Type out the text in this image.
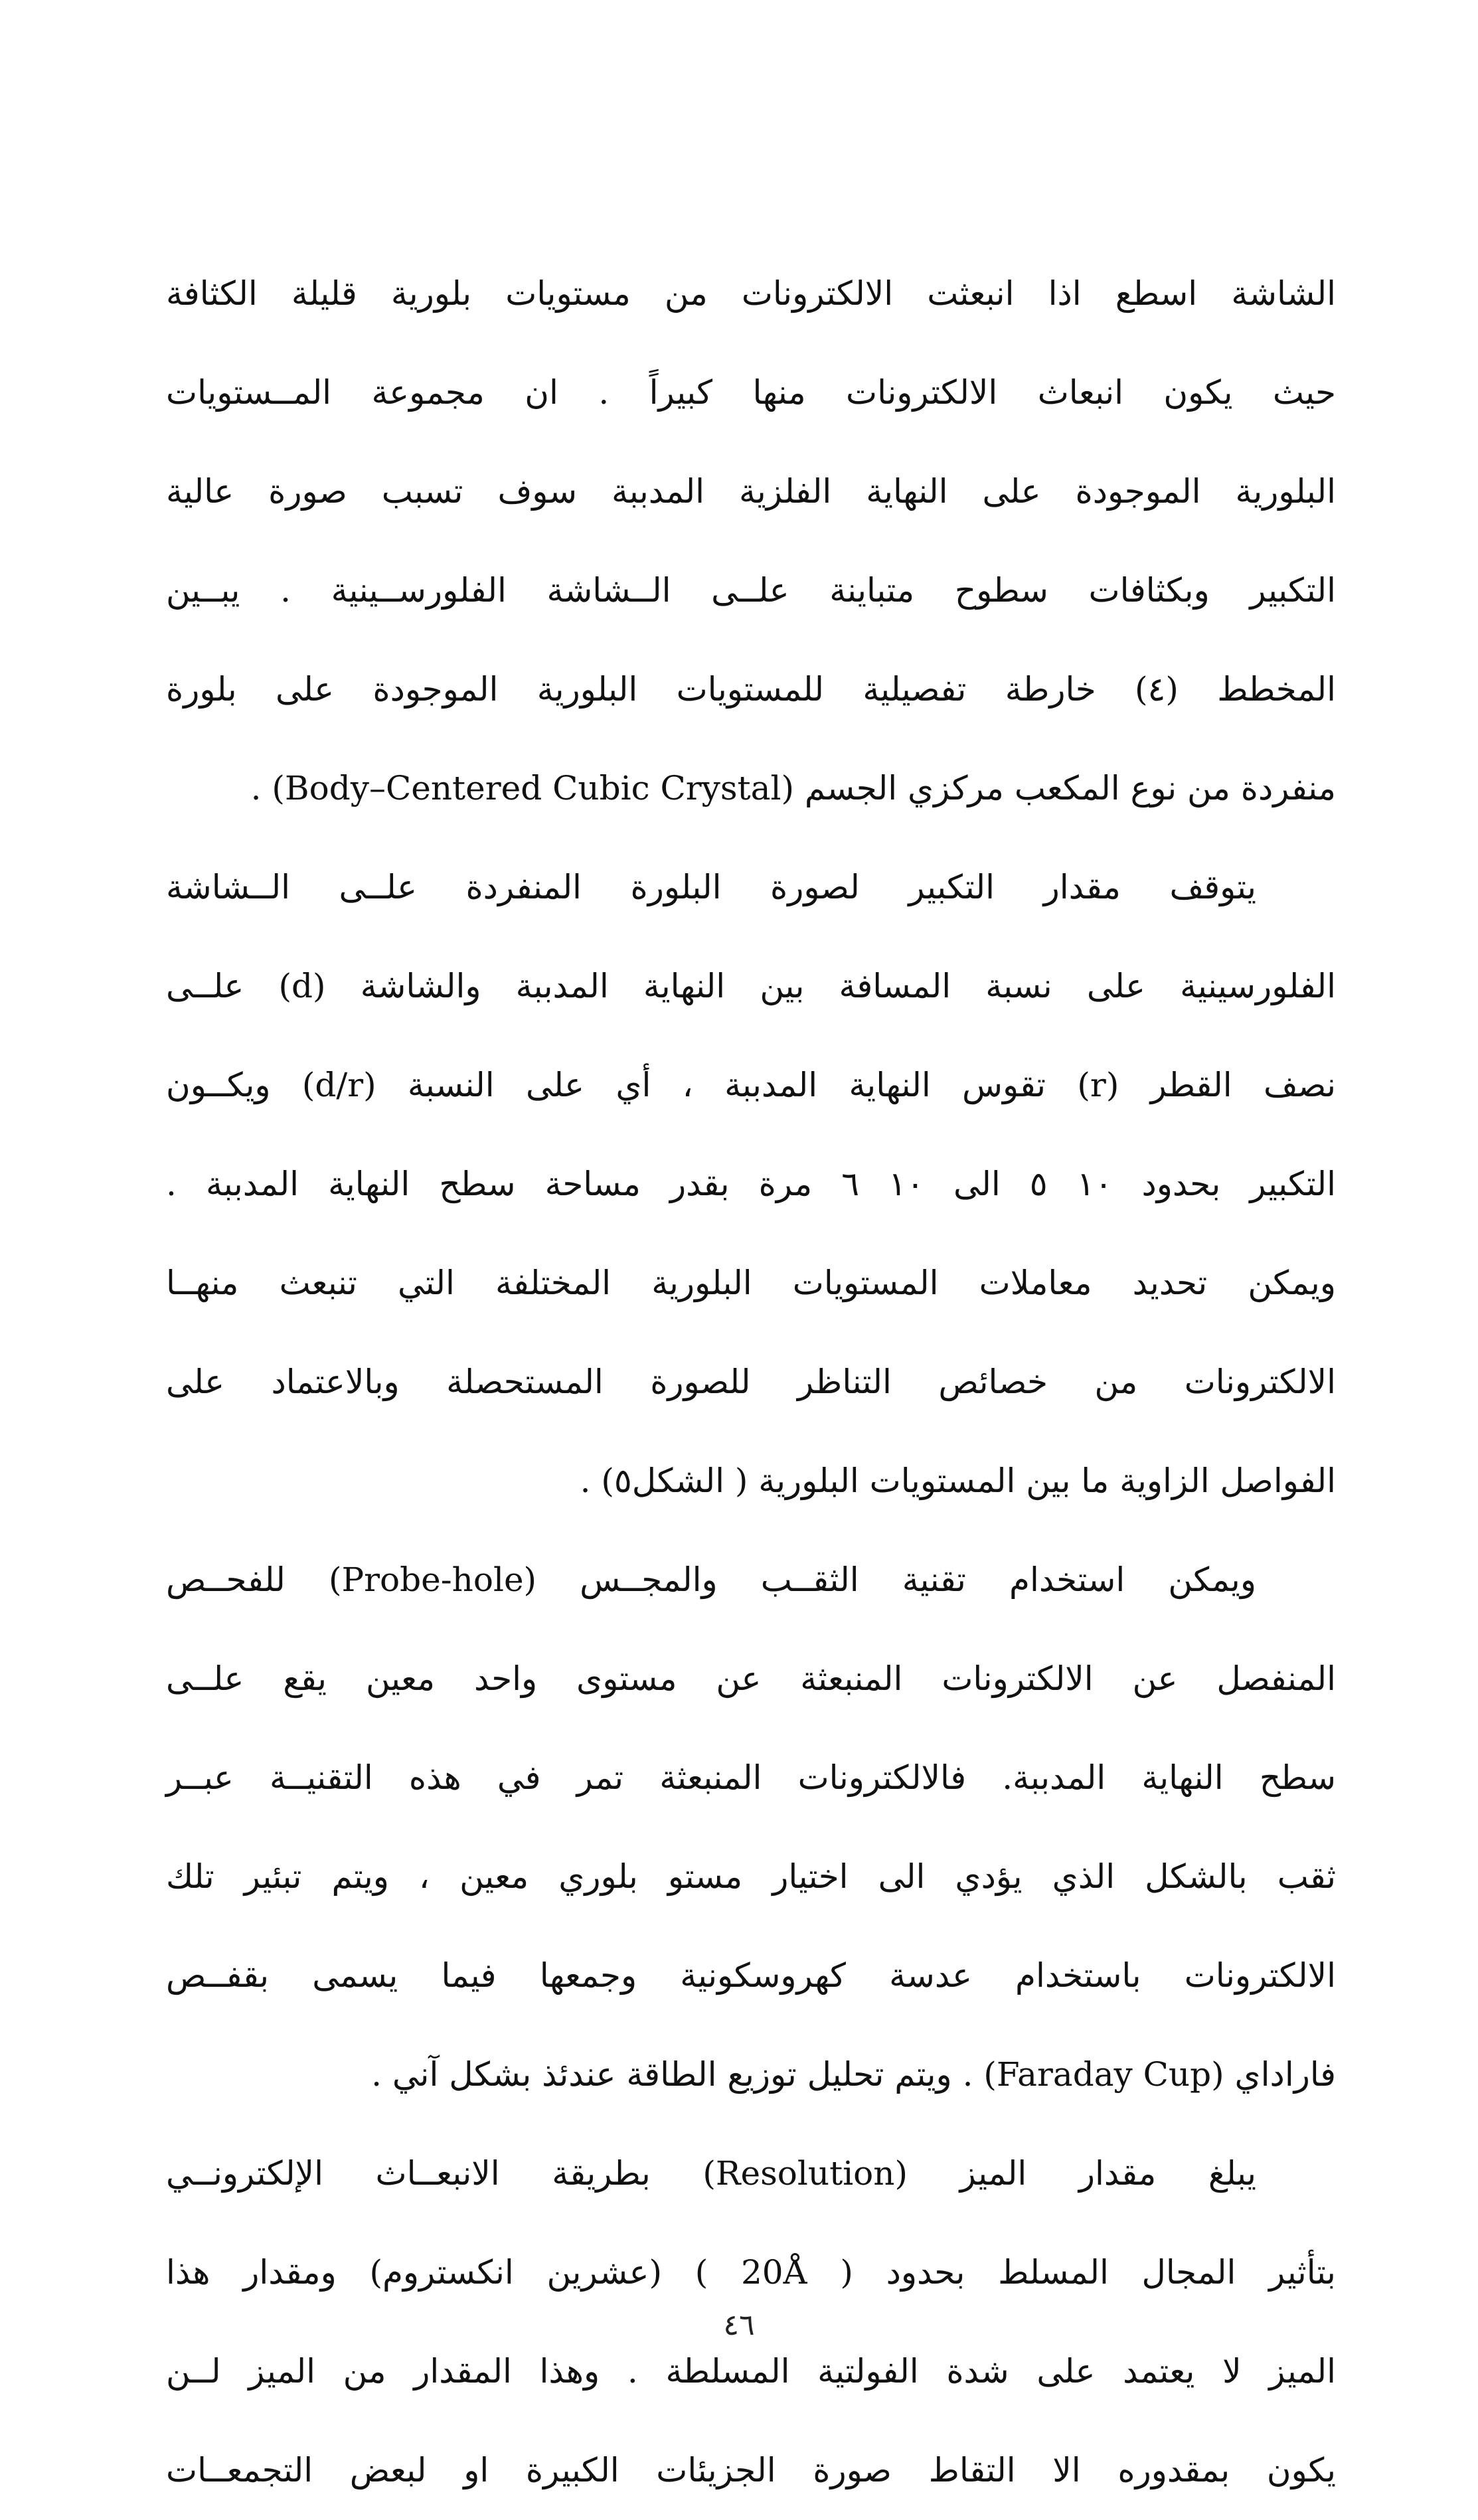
الشاشة اسطع اذا انبعثت الالكترونات من مستويات بلورية قليلة الكثافة
حيث يكون انبعاث الالكترونات منها كبيراً . ان مجموعة المــستويات
البلورية الموجودة على النهاية الفلزية المدببة سوف تسبب صورة عالية
التكبير وبكثافات سطوح متباينة علــى الــشاشة الفلورســينية . يبــين
المخطط (٤) خارطة تفصيلية للمستويات البلورية الموجودة على بلورة
منفردة من نوع المكعب مركزي الجسم (Body–Centered Cubic Crystal) .
يتوقف مقدار التكبير لصورة البلورة المنفردة علــى الــشاشة
الفلورسينية على نسبة المسافة بين النهاية المدببة والشاشة (d) علــى
نصف القطر (r) تقوس النهاية المدببة ، أي على النسبة (d/r) ويكــون
التكبير بحدود ١٠ ٥ الى ١٠ ٦ مرة بقدر مساحة سطح النهاية المدببة .
ويمكن تحديد معاملات المستويات البلورية المختلفة التي تنبعث منهــا
الالكترونات من خصائص التناظر للصورة المستحصلة وبالاعتماد على
الفواصل الزاوية ما بين المستويات البلورية ( الشكل٥) .
ويمكن استخدام تقنية الثقــب والمجــس (Probe-hole) للفحــص
المنفصل عن الالكترونات المنبعثة عن مستوى واحد معين يقع علــى
سطح النهاية المدببة. فالالكترونات المنبعثة تمر في هذه التقنيــة عبــر
ثقب بالشكل الذي يؤدي الى اختيار مستو بلوري معين ، ويتم تبئير تلك
الالكترونات باستخدام عدسة كهروسكونية وجمعها فيما يسمى بقفــص
فاراداي (Faraday Cup) . ويتم تحليل توزيع الطاقة عندئذ بشكل آني .
يبلغ مقدار الميز (Resolution) بطريقة الانبعــاث الإلكترونــي
بتأثير المجال المسلط بحدود ( 20Å ) (عشرين انكستروم) ومقدار هذا
الميز لا يعتمد على شدة الفولتية المسلطة . وهذا المقدار من الميز لــن
يكون بمقدوره الا التقاط صورة الجزيئات الكبيرة او لبعض التجمعــات
٤٦
